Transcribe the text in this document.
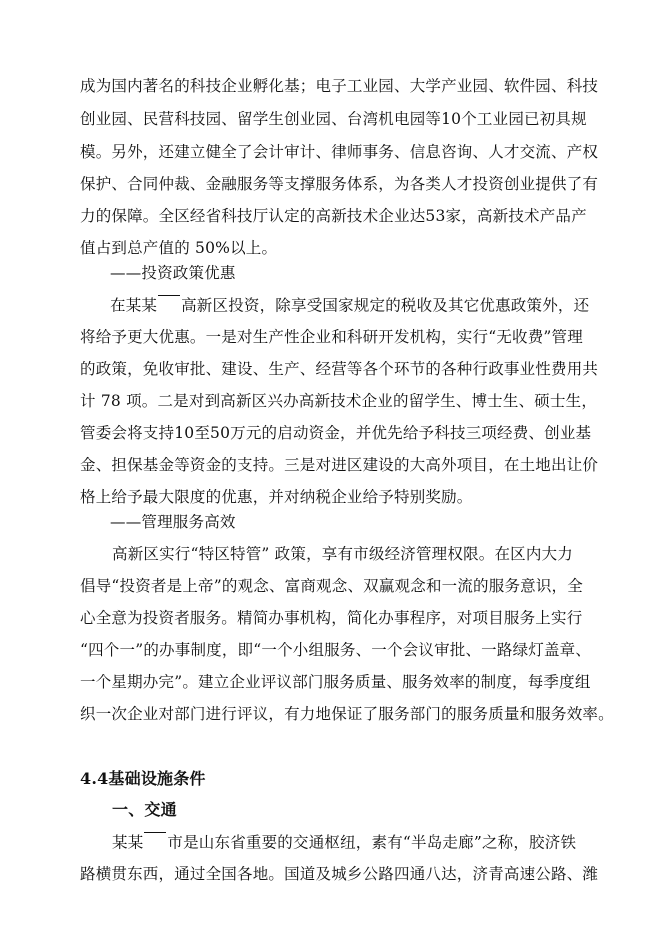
成为国内著名的科技企业孵化基；电子工业园、大学产业园、软件园、科技
创业园、民营科技园、留学生创业园、台湾机电园等10个工业园已初具规
模。另外，还建立健全了会计审计、律师事务、信息咨询、人才交流、产权
保护、合同仲裁、金融服务等支撑服务体系，为各类人才投资创业提供了有
力的保障。全区经省科技厅认定的高新技术企业达53家，高新技术产品产
值占到总产值的 50%以上。
——投资政策优惠
在某某 高新区投资，除享受国家规定的税收及其它优惠政策外，还
将给予更大优惠。一是对生产性企业和科研开发机构，实行“无收费”管理
的政策，免收审批、建设、生产、经营等各个环节的各种行政事业性费用共
计 78 项。二是对到高新区兴办高新技术企业的留学生、博士生、硕士生，
管委会将支持10至50万元的启动资金，并优先给予科技三项经费、创业基
金、担保基金等资金的支持。三是对进区建设的大高外项目，在土地出让价
格上给予最大限度的优惠，并对纳税企业给予特别奖励。
——管理服务高效
高新区实行“特区特管” 政策，享有市级经济管理权限。在区内大力
倡导“投资者是上帝”的观念、富商观念、双赢观念和一流的服务意识，全
心全意为投资者服务。精简办事机构，简化办事程序，对项目服务上实行
“四个一”的办事制度，即“一个小组服务、一个会议审批、一路绿灯盖章、
一个星期办完”。建立企业评议部门服务质量、服务效率的制度，每季度组
织一次企业对部门进行评议，有力地保证了服务部门的服务质量和服务效率。
4.4基础设施条件
一、交通
某某 市是山东省重要的交通枢纽，素有“半岛走廊”之称，胶济铁
路横贯东西，通过全国各地。国道及城乡公路四通八达，济青高速公路、潍
